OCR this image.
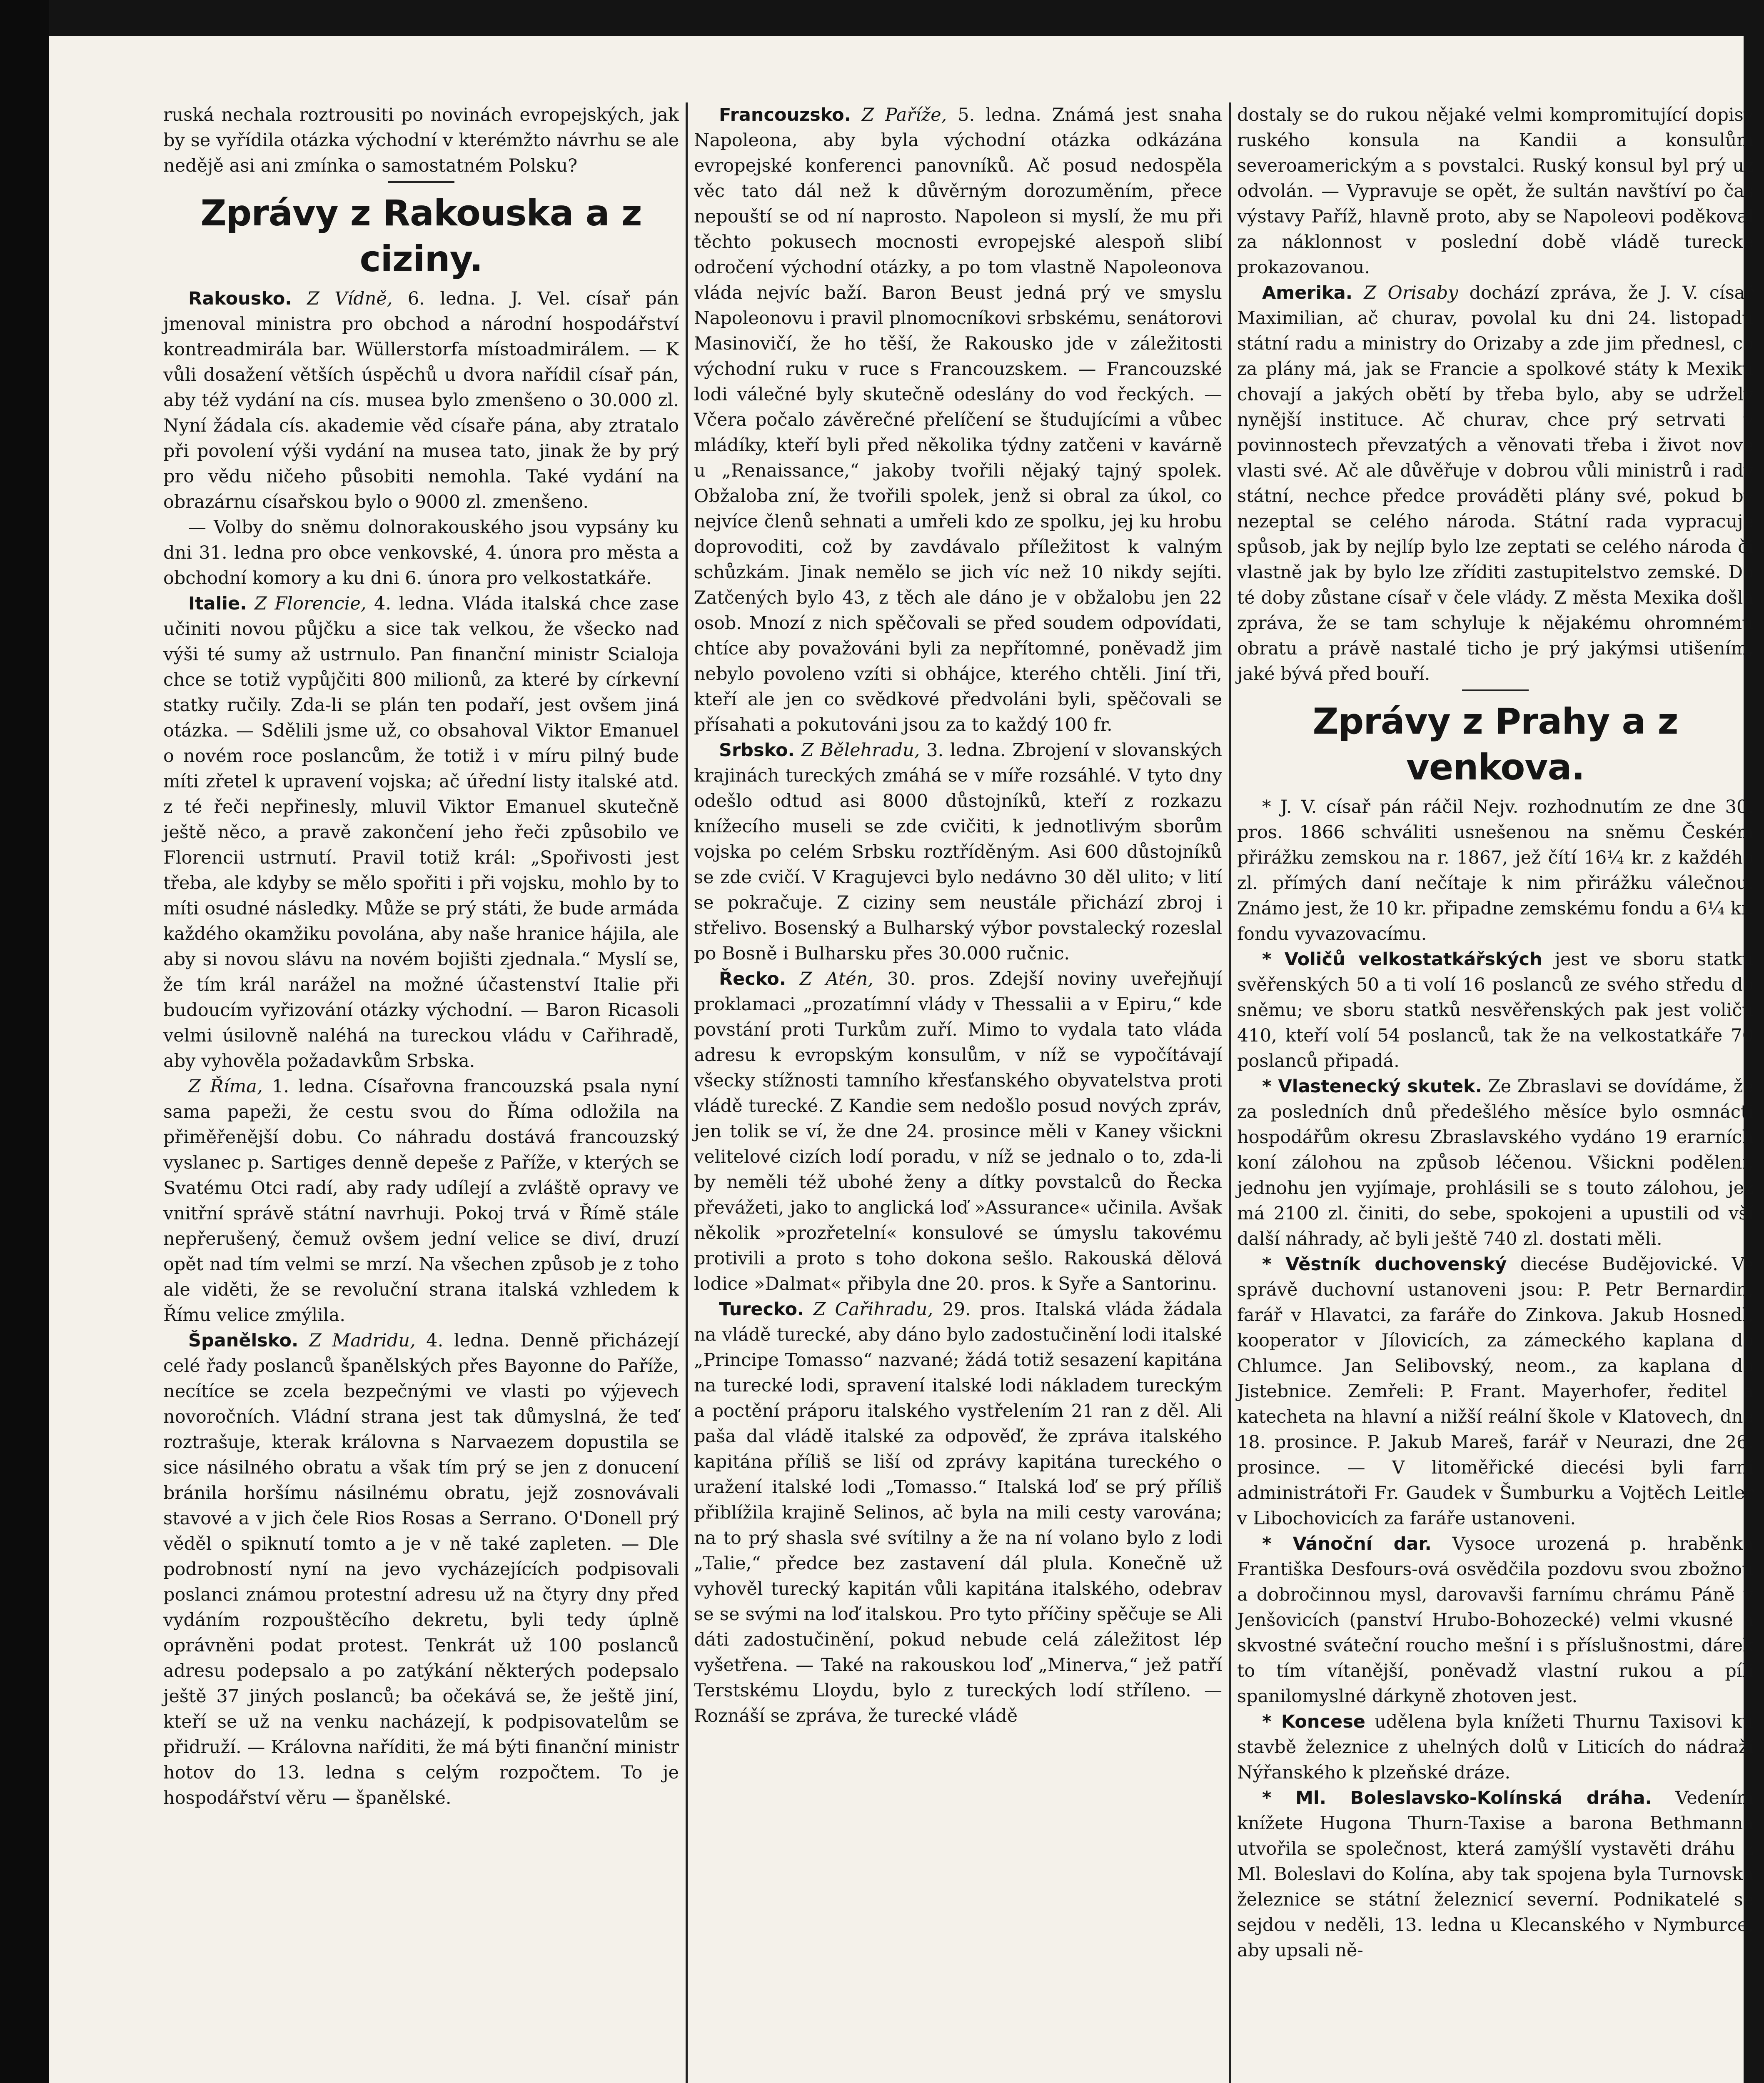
ruská nechala roztrousiti po novinách evropejských, jak by se vyřídila otázka východní v kterémžto návrhu se ale nedějě asi ani zmínka o samostatném Polsku?

Zprávy z Rakouska a z ciziny.

Rakousko. Z Vídně, 6. ledna. J. Vel. císař pán jmenoval ministra pro obchod a národní hospodářství kontreadmirála bar. Wüllerstorfa místoadmirálem. — K vůli dosažení větších úspěchů u dvora nařídil císař pán, aby též vydání na cís. musea bylo zmenšeno o 30.000 zl. Nyní žádala cís. akademie věd císaře pána, aby ztratalo při povolení výši vydání na musea tato, jinak že by prý pro vědu ničeho působiti nemohla. Také vydání na obrazárnu císařskou bylo o 9000 zl. zmenšeno.

— Volby do sněmu dolnorakouského jsou vypsány ku dni 31. ledna pro obce venkovské, 4. února pro města a obchodní komory a ku dni 6. února pro velkostatkáře.

Italie. Z Florencie, 4. ledna. Vláda italská chce zase učiniti novou půjčku a sice tak velkou, že všecko nad výši té sumy až ustrnulo. Pan finanční ministr Scialoja chce se totiž vypůjčiti 800 milionů, za které by církevní statky ručily. Zda-li se plán ten podaří, jest ovšem jiná otázka. — Sdělili jsme už, co obsahoval Viktor Emanuel o novém roce poslancům, že totiž i v míru pilný bude míti zřetel k upravení vojska; ač úřední listy italské atd. z té řeči nepřinesly, mluvil Viktor Emanuel skutečně ještě něco, a pravě zakončení jeho řeči způsobilo ve Florencii ustrnutí. Pravil totiž král: „Spořivosti jest třeba, ale kdyby se mělo spořiti i při vojsku, mohlo by to míti osudné následky. Může se prý státi, že bude armáda každého okamžiku povolána, aby naše hranice hájila, ale aby si novou slávu na novém bojišti zjednala.“ Myslí se, že tím král narážel na možné účastenství Italie při budoucím vyřizování otázky východní. — Baron Ricasoli velmi úsilovně naléhá na tureckou vládu v Cařihradě, aby vyhověla požadavkům Srbska.

Z Říma, 1. ledna. Císařovna francouzská psala nyní sama papeži, že cestu svou do Říma odložila na přiměřenější dobu. Co náhradu dostává francouzský vyslanec p. Sartiges denně depeše z Paříže, v kterých se Svatému Otci radí, aby rady udílejí a zvláště opravy ve vnitřní správě státní navrhuji. Pokoj trvá v Římě stále nepřerušený, čemuž ovšem jední velice se diví, druzí opět nad tím velmi se mrzí. Na všechen způsob je z toho ale viděti, že se revoluční strana italská vzhledem k Římu velice zmýlila.

Španělsko. Z Madridu, 4. ledna. Denně přicházejí celé řady poslanců španělských přes Bayonne do Paříže, necítíce se zcela bezpečnými ve vlasti po výjevech novoročních. Vládní strana jest tak důmyslná, že teď roztrašuje, kterak královna s Narvaezem dopustila se sice násilného obratu a však tím prý se jen z donucení bránila horšímu násilnému obratu, jejž zosnovávali stavové a v jich čele Rios Rosas a Serrano. O'Donell prý věděl o spiknutí tomto a je v ně také zapleten. — Dle podrobností nyní na jevo vycházejících podpisovali poslanci známou protestní adresu už na čtyry dny před vydáním rozpouštěcího dekretu, byli tedy úplně oprávněni podat protest. Tenkrát už 100 poslanců adresu podepsalo a po zatýkání některých podepsalo ještě 37 jiných poslanců; ba očekává se, že ještě jiní, kteří se už na venku nacházejí, k podpisovatelům se přidruží. — Královna naříditi, že má býti finanční ministr hotov do 13. ledna s celým rozpočtem. To je hospodářství věru — španělské.

Francouzsko. Z Paříže, 5. ledna. Známá jest snaha Napoleona, aby byla východní otázka odkázána evropejské konferenci panovníků. Ač posud nedospěla věc tato dál než k důvěrným dorozuměním, přece nepouští se od ní naprosto. Napoleon si myslí, že mu při těchto pokusech mocnosti evropejské alespoň slibí odročení východní otázky, a po tom vlastně Napoleonova vláda nejvíc baží. Baron Beust jedná prý ve smyslu Napoleonovu i pravil plnomocníkovi srbskému, senátorovi Masinovičí, že ho těší, že Rakousko jde v záležitosti východní ruku v ruce s Francouzskem. — Francouzské lodi válečné byly skutečně odeslány do vod řeckých. — Včera počalo závěrečné přelíčení se študujícími a vůbec mládíky, kteří byli před několika týdny zatčeni v kavárně u „Renaissance,“ jakoby tvořili nějaký tajný spolek. Obžaloba zní, že tvořili spolek, jenž si obral za úkol, co nejvíce členů sehnati a umřeli kdo ze spolku, jej ku hrobu doprovoditi, což by zavdávalo příležitost k valným schůzkám. Jinak nemělo se jich víc než 10 nikdy sejíti. Zatčených bylo 43, z těch ale dáno je v obžalobu jen 22 osob. Mnozí z nich spěčovali se před soudem odpovídati, chtíce aby považováni byli za nepřítomné, poněvadž jim nebylo povoleno vzíti si obhájce, kterého chtěli. Jiní tři, kteří ale jen co svědkové předvoláni byli, spěčovali se přísahati a pokutováni jsou za to každý 100 fr.

Srbsko. Z Bělehradu, 3. ledna. Zbrojení v slovanských krajinách tureckých zmáhá se v míře rozsáhlé. V tyto dny odešlo odtud asi 8000 důstojníků, kteří z rozkazu knížecího museli se zde cvičiti, k jednotlivým sborům vojska po celém Srbsku roztříděným. Asi 600 důstojníků se zde cvičí. V Kragujevci bylo nedávno 30 děl ulito; v lití se pokračuje. Z ciziny sem neustále přichází zbroj i střelivo. Bosenský a Bulharský výbor povstalecký rozeslal po Bosně i Bulharsku přes 30.000 ručnic.

Řecko. Z Atén, 30. pros. Zdejší noviny uveřejňují proklamaci „prozatímní vlády v Thessalii a v Epiru,“ kde povstání proti Turkům zuří. Mimo to vydala tato vláda adresu k evropským konsulům, v níž se vypočítávají všecky stížnosti tamního křesťanského obyvatelstva proti vládě turecké. Z Kandie sem nedošlo posud nových zpráv, jen tolik se ví, že dne 24. prosince měli v Kaney všickni velitelové cizích lodí poradu, v níž se jednalo o to, zda-li by neměli též ubohé ženy a dítky povstalců do Řecka převážeti, jako to anglická loď »Assurance« učinila. Avšak několik »prozřetelní« konsulové se úmyslu takovému protivili a proto s toho dokona sešlo. Rakouská dělová lodice »Dalmat« přibyla dne 20. pros. k Syře a Santorinu.

Turecko. Z Cařihradu, 29. pros. Italská vláda žádala na vládě turecké, aby dáno bylo zadostučinění lodi italské „Principe Tomasso“ nazvané; žádá totiž sesazení kapitána na turecké lodi, spravení italské lodi nákladem tureckým a poctění práporu italského vystřelením 21 ran z děl. Ali paša dal vládě italské za odpověď, že zpráva italského kapitána příliš se liší od zprávy kapitána tureckého o uražení italské lodi „Tomasso.“ Italská loď se prý příliš přiblížila krajině Selinos, ač byla na mili cesty varována; na to prý shasla své svítilny a že na ní volano bylo z lodi „Talie,“ předce bez zastavení dál plula. Konečně už vyhověl turecký kapitán vůli kapitána italského, odebrav se se svými na loď italskou. Pro tyto příčiny spěčuje se Ali dáti zadostučinění, pokud nebude celá záležitost lép vyšetřena. — Také na rakouskou loď „Minerva,“ jež patří Terstskému Lloydu, bylo z tureckých lodí stříleno. — Roznáší se zpráva, že turecké vládě

dostaly se do rukou nějaké velmi kompromitující dopisy ruského konsula na Kandii a konsulům severoamerickým a s povstalci. Ruský konsul byl prý už odvolán. — Vypravuje se opět, že sultán navštíví po čas výstavy Paříž, hlavně proto, aby se Napoleovi poděkoval za náklonnost v poslední době vládě turecké prokazovanou.

Amerika. Z Orisaby dochází zpráva, že J. V. císař Maximilian, ač churav, povolal ku dni 24. listopadu státní radu a ministry do Orizaby a zde jim přednesl, co za plány má, jak se Francie a spolkové státy k Mexiku chovají a jakých obětí by třeba bylo, aby se udržely nynější instituce. Ač churav, chce prý setrvati v povinnostech převzatých a věnovati třeba i život nové vlasti své. Ač ale důvěřuje v dobrou vůli ministrů i rady státní, nechce předce prováděti plány své, pokud by nezeptal se celého národa. Státní rada vypracuje spůsob, jak by nejlíp bylo lze zeptati se celého národa či vlastně jak by bylo lze zříditi zastupitelstvo zemské. Do té doby zůstane císař v čele vlády. Z města Mexika došla zpráva, že se tam schyluje k nějakému ohromnému obratu a právě nastalé ticho je prý jakýmsi utišením, jaké bývá před bouří.

Zprávy z Prahy a z venkova.

* J. V. císař pán ráčil Nejv. rozhodnutím ze dne 30. pros. 1866 schváliti usnešenou na sněmu Českém přirážku zemskou na r. 1867, jež čítí 16¼ kr. z každého zl. přímých daní nečítaje k nim přirážku válečnou. Známo jest, že 10 kr. připadne zemskému fondu a 6¼ kr. fondu vyvazovacímu.

* Voličů velkostatkářských jest ve sboru statků svěřenských 50 a ti volí 16 poslanců ze svého středu do sněmu; ve sboru statků nesvěřenských pak jest voličů 410, kteří volí 54 poslanců, tak že na velkostatkáře 70 poslanců připadá.

* Vlastenecký skutek. Ze Zbraslavi se dovídáme, že za posledních dnů předešlého měsíce bylo osmnácti hospodářům okresu Zbraslavského vydáno 19 erarních koní zálohou na způsob léčenou. Všickni podělení, jednohu jen vyjímaje, prohlásili se s touto zálohou, jež má 2100 zl. činiti, do sebe, spokojeni a upustili od vší další náhrady, ač byli ještě 740 zl. dostati měli.

* Věstník duchovenský diecése Budějovické. Ve správě duchovní ustanoveni jsou: P. Petr Bernardin, farář v Hlavatci, za faráře do Zinkova. Jakub Hosnedl, kooperator v Jílovicích, za zámeckého kaplana do Chlumce. Jan Selibovský, neom., za kaplana do Jistebnice. Zemřeli: P. Frant. Mayerhofer, ředitel a katecheta na hlavní a nižší reální škole v Klatovech, dne 18. prosince. P. Jakub Mareš, farář v Neurazi, dne 26. prosince. — V litoměřické diecési byli farní administrátoři Fr. Gaudek v Šumburku a Vojtěch Leitler v Libochovicích za faráře ustanoveni.

* Vánoční dar. Vysoce urozená p. hraběnka Františka Desfours-ová osvědčila pozdovu svou zbožnou a dobročinnou mysl, darovavši farnímu chrámu Páně v Jenšovicích (panství Hrubo-Bohozecké) velmi vkusné a skvostné sváteční roucho mešní i s příslušnostmi, dárek to tím vítanější, poněvadž vlastní rukou a píli spanilomyslné dárkyně zhotoven jest.

* Koncese udělena byla knížeti Thurnu Taxisovi ku stavbě železnice z uhelných dolů v Liticích do nádraží Nýřanského k plzeňské dráze.

* Ml. Boleslavsko-Kolínská dráha. Vedením knížete Hugona Thurn-Taxise a barona Bethmanna utvořila se společnost, která zamýšlí vystavěti dráhu z Ml. Boleslavi do Kolína, aby tak spojena byla Turnovská železnice se státní železnicí severní. Podnikatelé se sejdou v neděli, 13. ledna u Klecanského v Nymburce, aby upsali ně-
